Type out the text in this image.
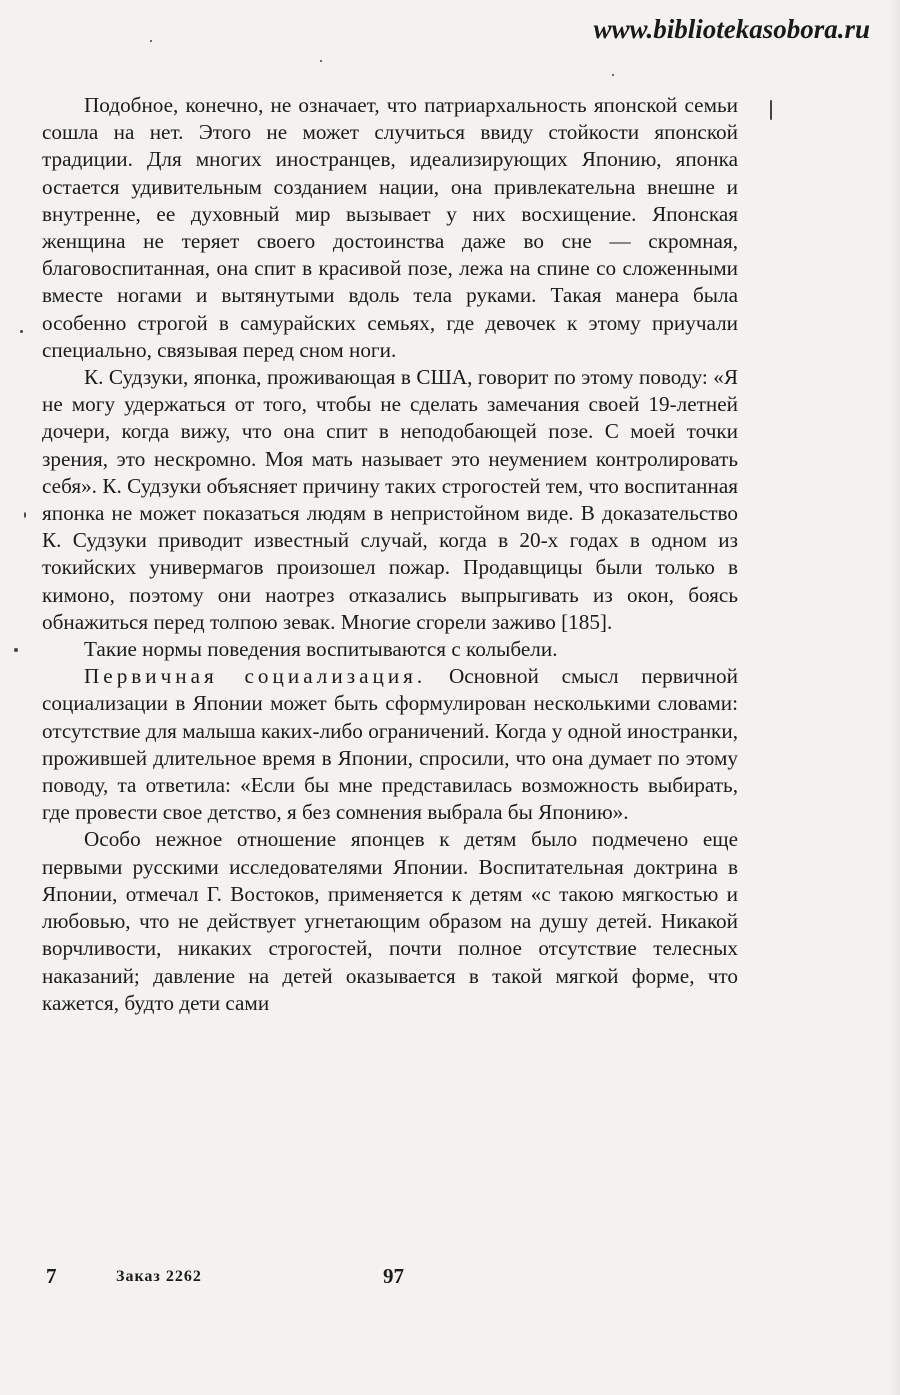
www.bibliotekasobora.ru

Подобное, конечно, не означает, что патриархальность японской семьи сошла на нет. Этого не может случиться ввиду стойкости японской традиции. Для многих иностранцев, идеализирующих Японию, японка остается удивительным созданием нации, она привлекательна внешне и внутренне, ее духовный мир вызывает у них восхищение. Японская женщина не теряет своего достоинства даже во сне — скромная, благовоспитанная, она спит в красивой позе, лежа на спине со сложенными вместе ногами и вытянутыми вдоль тела руками. Такая манера была особенно строгой в самурайских семьях, где девочек к этому приучали специально, связывая перед сном ноги.

К. Судзуки, японка, проживающая в США, говорит по этому поводу: «Я не могу удержаться от того, чтобы не сделать замечания своей 19-летней дочери, когда вижу, что она спит в неподобающей позе. С моей точки зрения, это нескромно. Моя мать называет это неумением контролировать себя». К. Судзуки объясняет причину таких строгостей тем, что воспитанная японка не может показаться людям в непристойном виде. В доказательство К. Судзуки приводит известный случай, когда в 20-х годах в одном из токийских универмагов произошел пожар. Продавщицы были только в кимоно, поэтому они наотрез отказались выпрыгивать из окон, боясь обнажиться перед толпою зевак. Многие сгорели заживо [185].

Такие нормы поведения воспитываются с колыбели.

Первичная социализация. Основной смысл первичной социализации в Японии может быть сформулирован несколькими словами: отсутствие для малыша каких-либо ограничений. Когда у одной иностранки, прожившей длительное время в Японии, спросили, что она думает по этому поводу, та ответила: «Если бы мне представилась возможность выбирать, где провести свое детство, я без сомнения выбрала бы Японию».

Особо нежное отношение японцев к детям было подмечено еще первыми русскими исследователями Японии. Воспитательная доктрина в Японии, отмечал Г. Востоков, применяется к детям «с такою мягкостью и любовью, что не действует угнетающим образом на душу детей. Никакой ворчливости, никаких строгостей, почти полное отсутствие телесных наказаний; давление на детей оказывается в такой мягкой форме, что кажется, будто дети сами

7	Заказ 2262	97
